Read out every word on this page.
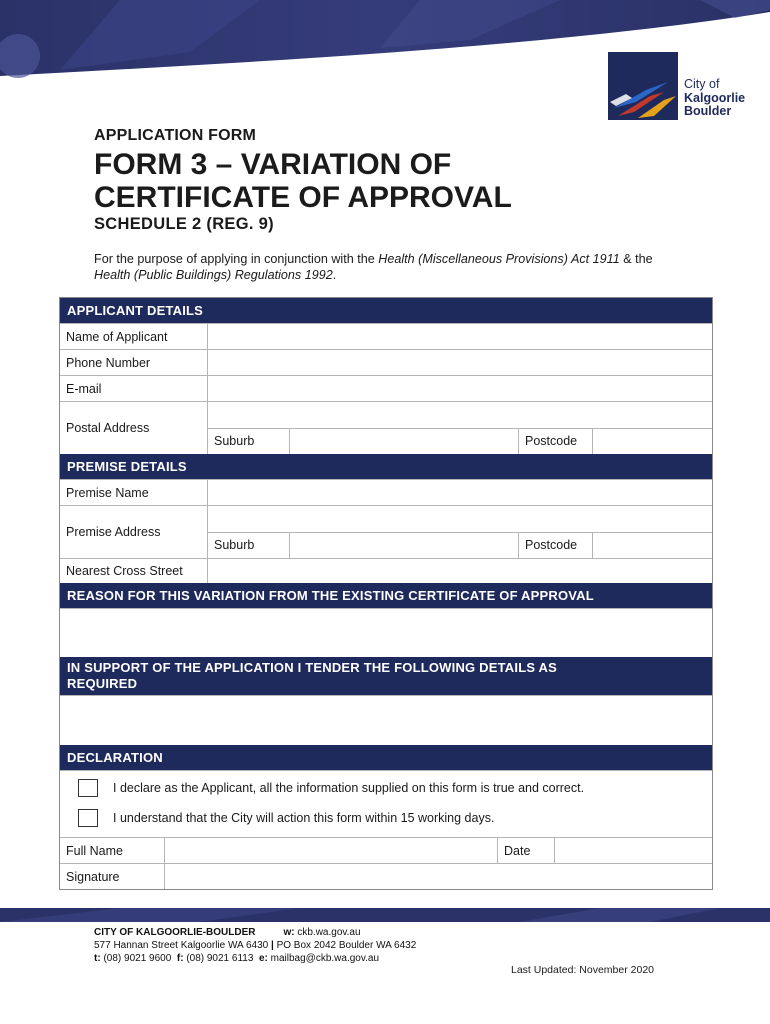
City of
Kalgoorlie
Boulder
APPLICATION FORM
FORM 3 – VARIATION OF
CERTIFICATE OF APPROVAL
SCHEDULE 2 (REG. 9)
For the purpose of applying in conjunction with the Health (Miscellaneous Provisions) Act 1911 & the Health (Public Buildings) Regulations 1992.
APPLICANT DETAILS
Name of Applicant
Phone Number
E-mail
Postal Address
Suburb	Postcode
PREMISE DETAILS
Premise Name
Premise Address
Suburb	Postcode
Nearest Cross Street
REASON FOR THIS VARIATION FROM THE EXISTING CERTIFICATE OF APPROVAL
IN SUPPORT OF THE APPLICATION I TENDER THE FOLLOWING DETAILS AS
REQUIRED
DECLARATION
I declare as the Applicant, all the information supplied on this form is true and correct.
I understand that the City will action this form within 15 working days.
Full Name	Date
Signature
CITY OF KALGOORLIE-BOULDER	w: ckb.wa.gov.au
577 Hannan Street Kalgoorlie WA 6430 | PO Box 2042 Boulder WA 6432
t: (08) 9021 9600 f: (08) 9021 6113 e: mailbag@ckb.wa.gov.au
Last Updated: November 2020
